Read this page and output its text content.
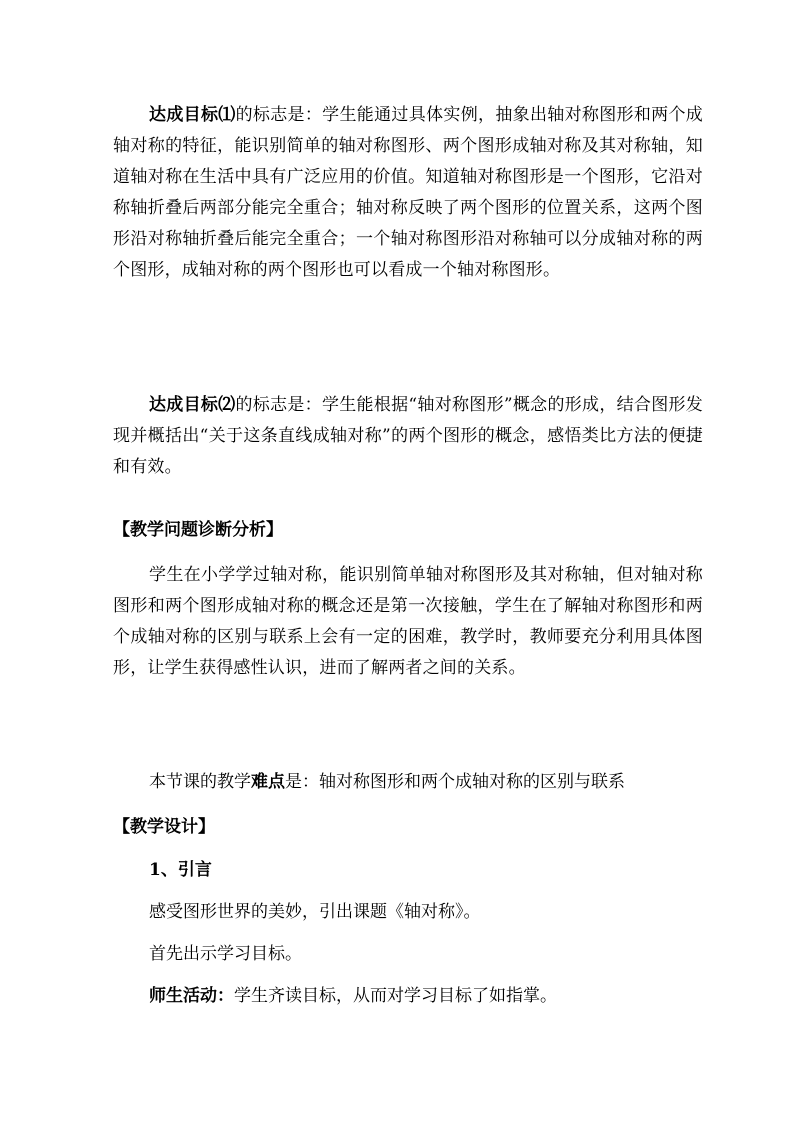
达成目标⑴的标志是：学生能通过具体实例，抽象出轴对称图形和两个成轴对称的特征，能识别简单的轴对称图形、两个图形成轴对称及其对称轴，知道轴对称在生活中具有广泛应用的价值。知道轴对称图形是一个图形，它沿对称轴折叠后两部分能完全重合；轴对称反映了两个图形的位置关系，这两个图形沿对称轴折叠后能完全重合；一个轴对称图形沿对称轴可以分成轴对称的两个图形，成轴对称的两个图形也可以看成一个轴对称图形。

达成目标⑵的标志是：学生能根据“轴对称图形”概念的形成，结合图形发现并概括出“关于这条直线成轴对称”的两个图形的概念，感悟类比方法的便捷和有效。

【教学问题诊断分析】

学生在小学学过轴对称，能识别简单轴对称图形及其对称轴，但对轴对称图形和两个图形成轴对称的概念还是第一次接触，学生在了解轴对称图形和两个成轴对称的区别与联系上会有一定的困难，教学时，教师要充分利用具体图形，让学生获得感性认识，进而了解两者之间的关系。

本节课的教学难点是：轴对称图形和两个成轴对称的区别与联系

【教学设计】

1、引言

感受图形世界的美妙，引出课题《轴对称》。

首先出示学习目标。

师生活动：学生齐读目标，从而对学习目标了如指掌。
